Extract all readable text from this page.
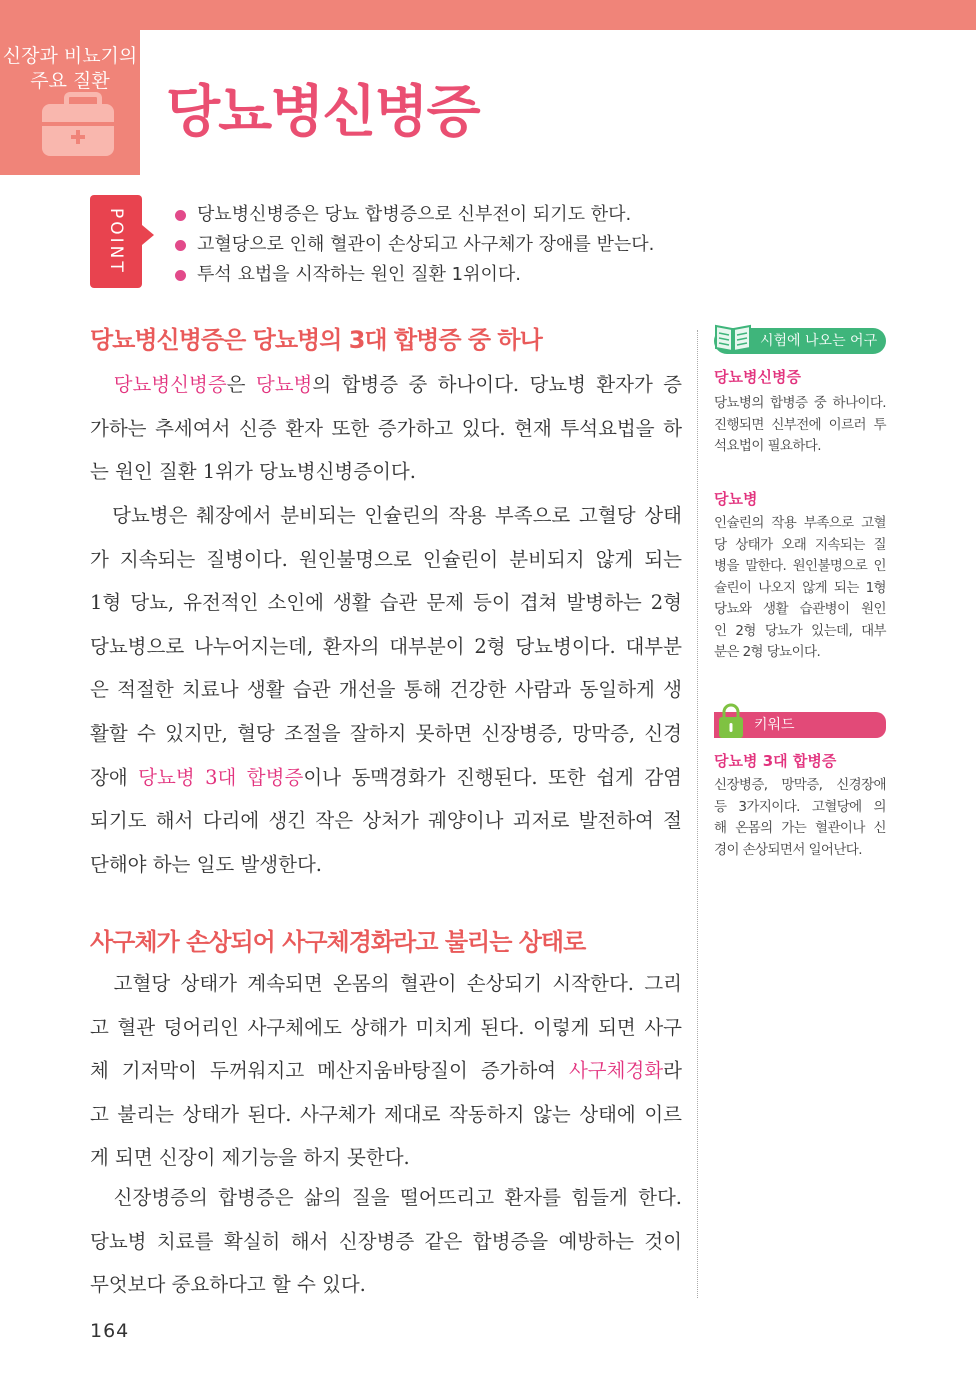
신장과 비뇨기의
주요 질환	당뇨병신병증
POINT	당뇨병신병증은 당뇨 합병증으로 신부전이 되기도 한다.
고혈당으로 인해 혈관이 손상되고 사구체가 장애를 받는다.
투석 요법을 시작하는 원인 질환 1위이다.
당뇨병신병증은 당뇨병의 3대 합병증 중 하나
　당뇨병신병증은 당뇨병의 합병증 중 하나이다. 당뇨병 환자가 증
가하는 추세여서 신증 환자 또한 증가하고 있다. 현재 투석요법을 하
는 원인 질환 1위가 당뇨병신병증이다.
　당뇨병은 췌장에서 분비되는 인슐린의 작용 부족으로 고혈당 상태
가 지속되는 질병이다. 원인불명으로 인슐린이 분비되지 않게 되는
1형 당뇨, 유전적인 소인에 생활 습관 문제 등이 겹쳐 발병하는 2형
당뇨병으로 나누어지는데, 환자의 대부분이 2형 당뇨병이다. 대부분
은 적절한 치료나 생활 습관 개선을 통해 건강한 사람과 동일하게 생
활할 수 있지만, 혈당 조절을 잘하지 못하면 신장병증, 망막증, 신경
장애 당뇨병 3대 합병증이나 동맥경화가 진행된다. 또한 쉽게 감염
되기도 해서 다리에 생긴 작은 상처가 궤양이나 괴저로 발전하여 절
단해야 하는 일도 발생한다.
사구체가 손상되어 사구체경화라고 불리는 상태로
　고혈당 상태가 계속되면 온몸의 혈관이 손상되기 시작한다. 그리
고 혈관 덩어리인 사구체에도 상해가 미치게 된다. 이렇게 되면 사구
체 기저막이 두꺼워지고 메산지움바탕질이 증가하여 사구체경화라
고 불리는 상태가 된다. 사구체가 제대로 작동하지 않는 상태에 이르
게 되면 신장이 제기능을 하지 못한다.
　신장병증의 합병증은 삶의 질을 떨어뜨리고 환자를 힘들게 한다.
당뇨병 치료를 확실히 해서 신장병증 같은 합병증을 예방하는 것이
무엇보다 중요하다고 할 수 있다.
시험에 나오는 어구
당뇨병신병증
당뇨병의 합병증 중 하나이다.
진행되면 신부전에 이르러 투
석요법이 필요하다.
당뇨병
인슐린의 작용 부족으로 고혈
당 상태가 오래 지속되는 질
병을 말한다. 원인불명으로 인
슐린이 나오지 않게 되는 1형
당뇨와 생활 습관병이 원인
인 2형 당뇨가 있는데, 대부
분은 2형 당뇨이다.
키워드
당뇨병 3대 합병증
신장병증, 망막증, 신경장애
등 3가지이다. 고혈당에 의
해 온몸의 가는 혈관이나 신
경이 손상되면서 일어난다.
164
